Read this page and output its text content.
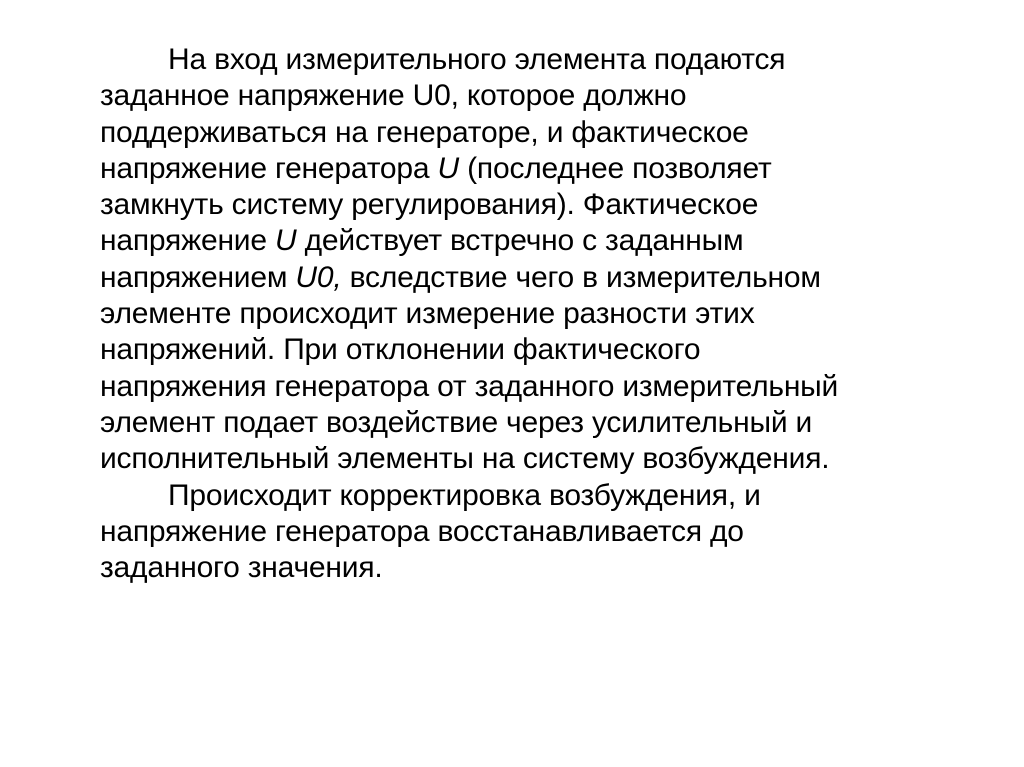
На вход измерительного элемента подаются
заданное напряжение U0, которое должно
поддерживаться на генераторе, и фактическое
напряжение генератора U (последнее позволяет
замкнуть систему регулирования). Фактическое
напряжение U действует встречно с заданным
напряжением U0, вследствие чего в измерительном
элементе происходит измерение разности этих
напряжений. При отклонении фактического
напряжения генератора от заданного измерительный
элемент подает воздействие через усилительный и
исполнительный элементы на систему возбуждения.
Происходит корректировка возбуждения, и
напряжение генератора восстанавливается до
заданного значения.
